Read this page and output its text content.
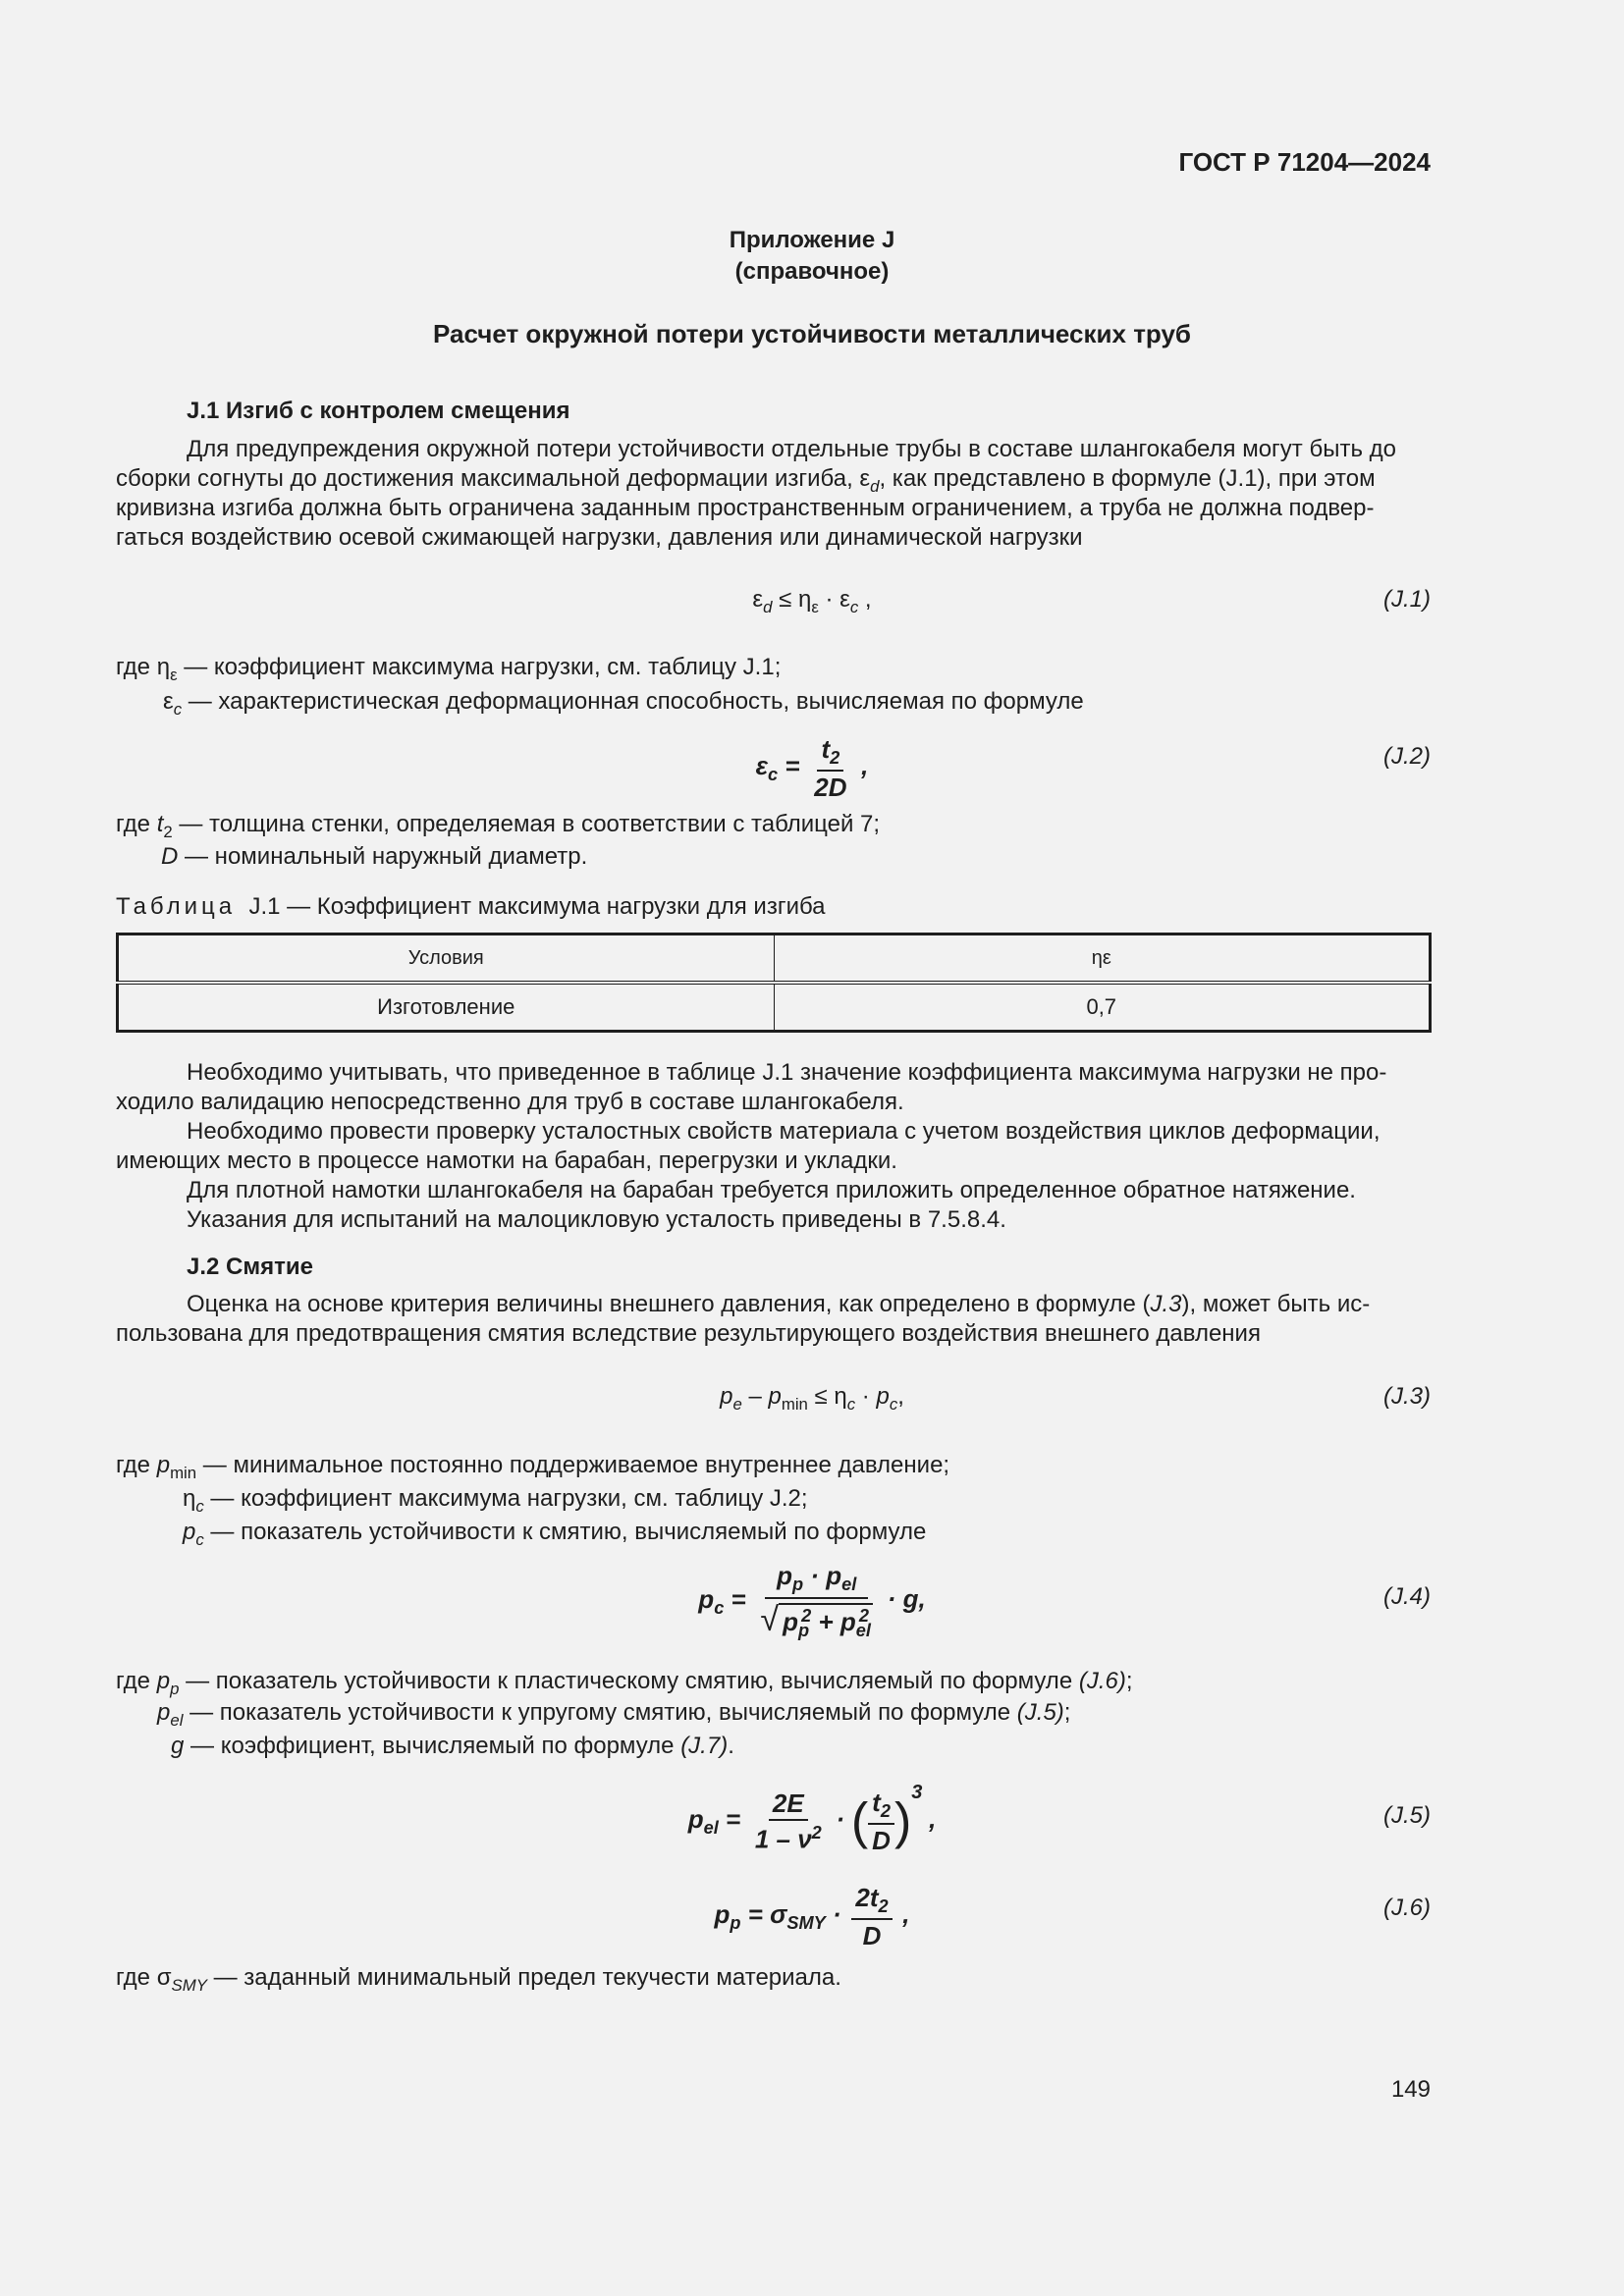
ГОСТ Р 71204—2024
Приложение J
(справочное)
Расчет окружной потери устойчивости металлических труб
J.1 Изгиб с контролем смещения
Для предупреждения окружной потери устойчивости отдельные трубы в составе шлангокабеля могут быть до
сборки согнуты до достижения максимальной деформации изгиба, $\varepsilon_d$, как представлено в формуле (J.1), при этом
кривизна изгиба должна быть ограничена заданным пространственным ограничением, а труба не должна подвер-
гаться воздействию осевой сжимающей нагрузки, давления или динамической нагрузки
$\varepsilon_d \le \eta_\varepsilon \cdot \varepsilon_c$ ,	(J.1)
где $\eta_\varepsilon$ — коэффициент максимума нагрузки, см. таблицу J.1;
$\varepsilon_c$ — характеристическая деформационная способность, вычисляемая по формуле
$\varepsilon_c = \frac{t_2}{2D}$ ,	(J.2)
где $t_2$ — толщина стенки, определяемая в соответствии с таблицей 7;
D — номинальный наружный диаметр.
Таблица J.1 — Коэффициент максимума нагрузки для изгиба
Условия	ηε
Изготовление	0,7
Необходимо учитывать, что приведенное в таблице J.1 значение коэффициента максимума нагрузки не про-
ходило валидацию непосредственно для труб в составе шлангокабеля.
Необходимо провести проверку усталостных свойств материала с учетом воздействия циклов деформации,
имеющих место в процессе намотки на барабан, перегрузки и укладки.
Для плотной намотки шлангокабеля на барабан требуется приложить определенное обратное натяжение.
Указания для испытаний на малоцикловую усталость приведены в 7.5.8.4.
J.2 Смятие
Оценка на основе критерия величины внешнего давления, как определено в формуле (J.3), может быть ис-
пользована для предотвращения смятия вследствие результирующего воздействия внешнего давления
$p_e - p_{min} \le \eta_c \cdot p_c$,	(J.3)
где $p_{min}$ — минимальное постоянно поддерживаемое внутреннее давление;
$\eta_c$ — коэффициент максимума нагрузки, см. таблицу J.2;
$p_c$ — показатель устойчивости к смятию, вычисляемый по формуле
$p_c = \frac{p_p \cdot p_{el}}{√ p_p^2 + p_{el}^2} \cdot g$,	(J.4)
где $p_p$ — показатель устойчивости к пластическому смятию, вычисляемый по формуле (J.6);
$p_{el}$ — показатель устойчивости к упругому смятию, вычисляемый по формуле (J.5);
g — коэффициент, вычисляемый по формуле (J.7).
$p_{el} = \frac{2E}{1 - \nu^2}$ · ( $\frac{t_2}{D} )^3$ ,	(J.5)
$p_p = \sigma_{SMY} \cdot \frac{2t_2}{D}$ ,	(J.6)
где $\sigma_{SMY}$ — заданный минимальный предел текучести материала.
149
